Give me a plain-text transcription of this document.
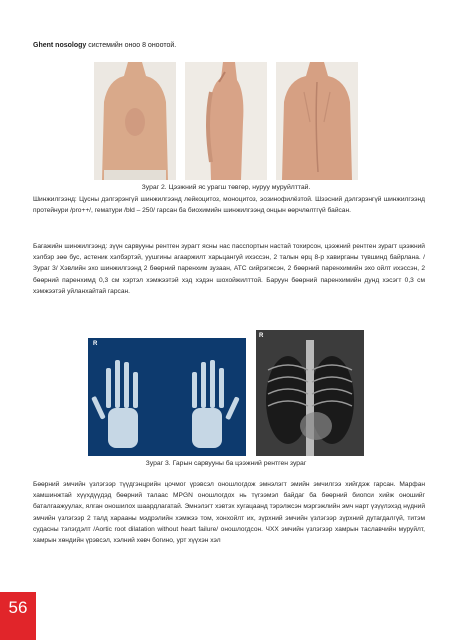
Ghent nosology системийн оноо 8 оноотой.
Зураг 2. Цээжний яс урагш төвгөр, нуруу муруйлттай.
Шинжилгээнд: Цусны дэлгэрэнгүй шинжилгээнд лейкоцитоз, моноцитоз, эозинофилёзтой. Шээсний дэлгэрэнгүй шинжилгээнд протейнури /pro++/, гематури /bld – 250/ гарсан ба биохимийн шинжилгээнд онцын өөрчлөлтгүй байсан.
Багажийн шинжилгээнд: зүүн сарвууны рентген зурагт ясны нас пасспортын настай тохирсон, цээжний рентген зурагт цээжний хэлбэр зөө бус, астеник хэлбэртэй, уушгины агааржилт харьцангуй ихэссэн, 2 талын өрц 8-р хавирганы түвшинд байрлана. /Зураг 3/ Хэвлийн эхо шинжилгээнд 2 бөөрний паренхим зузаан, АТС сийрэгжсэн, 2 бөөрний паренхимийн эхо ойлт ихэссэн, 2 бөөрний паренхимд 0,3 см хэртэл хэмжээтэй хэд хэдэн шохойжилттой. Баруун бөөрний паренхимийн дунд хэсэгт 0,3 см хэмжээтэй уйланхайтай гарсан.
R
R
Зураг 3. Гарын сарвууны ба цээжний рентген зураг
Бөөрний эмчийн үзлэгээр түүдгэнцрийн цочмог үрэвсэл оношлогдож эмнэлэгт эмийн эмчилгээ хийгдэж гарсан. Марфан хамшинжтай хүүхдүүдэд бөөрний талаас MPGN оношлогдох нь түгээмэл байдаг ба бөөрний биопси хийж оношийг баталгаажуулах, ялган оношилох шаардлагатай. Эмнэлэгт хэвтэх хугацаанд тэрэлжсэн мэргэжлийн эмч нарт үзүүлэхэд нүдний эмчийн үзлэгээр 2 талд харааны мэдрэлийн хэмжээ том, хонхойлт их, зүрхний эмчийн үзлэгээр зүрхний дутагдалгүй, титэм судасны тэлэгдэлт /Aortic root dilatation without heart failure/ оношлогдсон. ЧХХ эмчийн үзлэгээр хамрын таславчийн муруйлт, хамрын хөндийн үрэвсэл, хэлний хөвч богино, урт хүүхэн хэл
56
